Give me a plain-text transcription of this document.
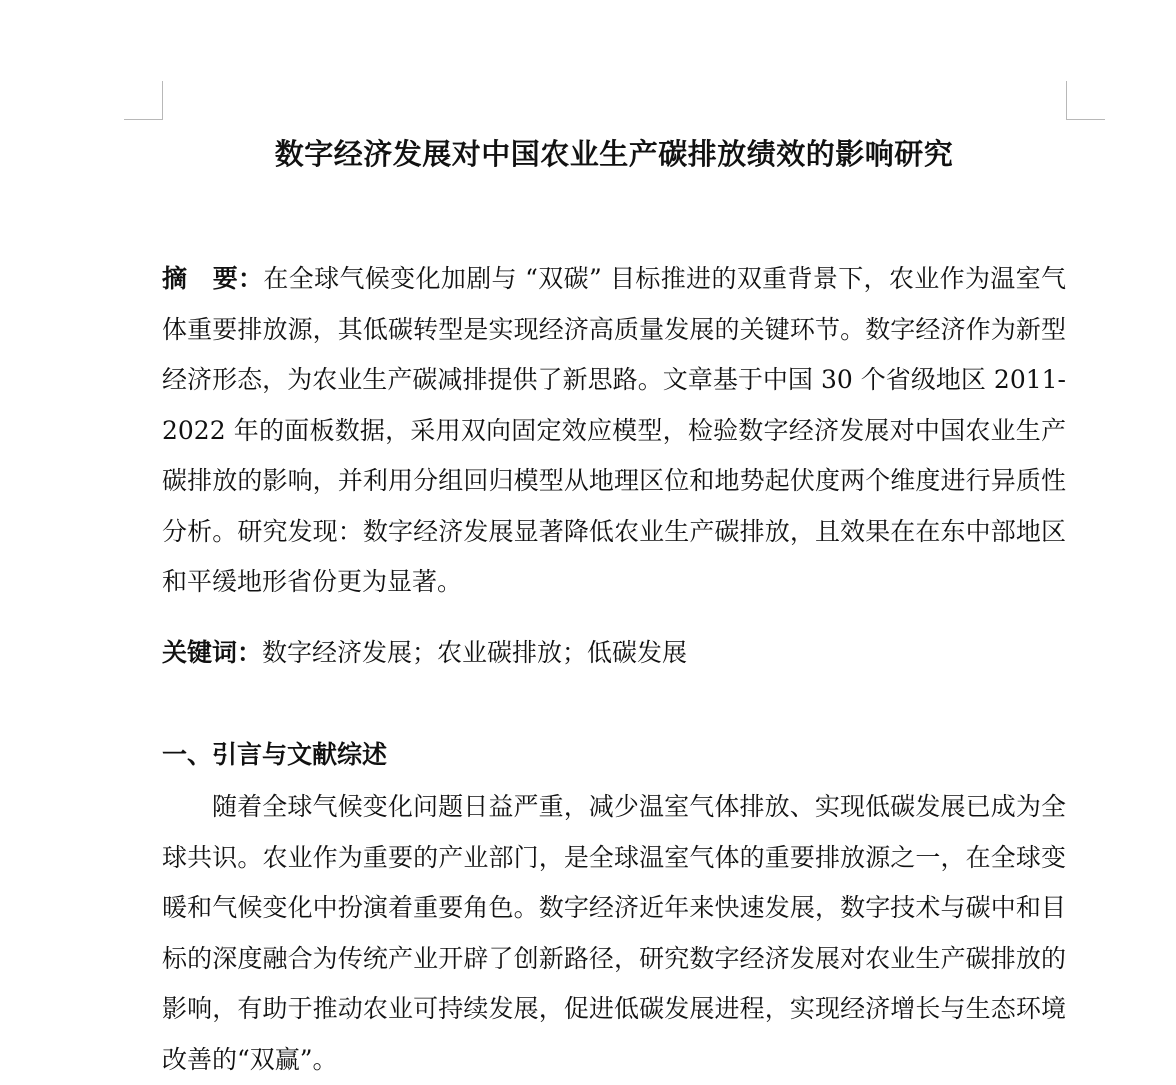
数字经济发展对中国农业生产碳排放绩效的影响研究
摘　要：在全球气候变化加剧与 “双碳” 目标推进的双重背景下，农业作为温室气体重要排放源，其低碳转型是实现经济高质量发展的关键环节。数字经济作为新型经济形态，为农业生产碳减排提供了新思路。文章基于中国 30 个省级地区 2011-2022 年的面板数据，采用双向固定效应模型，检验数字经济发展对中国农业生产碳排放的影响，并利用分组回归模型从地理区位和地势起伏度两个维度进行异质性分析。研究发现：数字经济发展显著降低农业生产碳排放，且效果在在东中部地区和平缓地形省份更为显著。
关键词：数字经济发展；农业碳排放；低碳发展
一、引言与文献综述
随着全球气候变化问题日益严重，减少温室气体排放、实现低碳发展已成为全球共识。农业作为重要的产业部门，是全球温室气体的重要排放源之一，在全球变暖和气候变化中扮演着重要角色。数字经济近年来快速发展，数字技术与碳中和目标的深度融合为传统产业开辟了创新路径，研究数字经济发展对农业生产碳排放的影响，有助于推动农业可持续发展，促进低碳发展进程，实现经济增长与生态环境改善的“双赢”。
